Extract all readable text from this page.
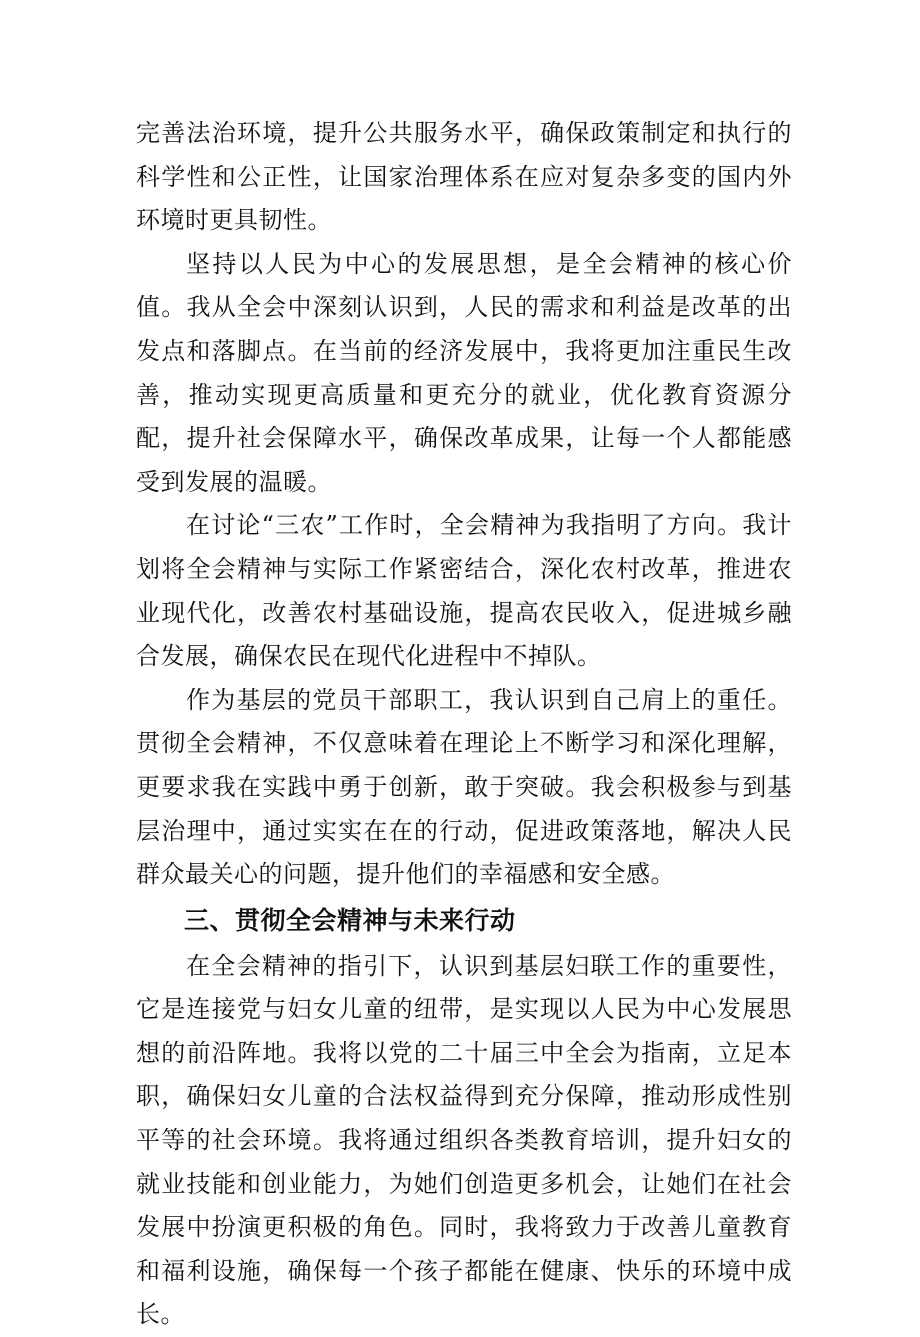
完善法治环境，提升公共服务水平，确保政策制定和执行的科学性和公正性，让国家治理体系在应对复杂多变的国内外环境时更具韧性。

坚持以人民为中心的发展思想，是全会精神的核心价值。我从全会中深刻认识到，人民的需求和利益是改革的出发点和落脚点。在当前的经济发展中，我将更加注重民生改善，推动实现更高质量和更充分的就业，优化教育资源分配，提升社会保障水平，确保改革成果，让每一个人都能感受到发展的温暖。

在讨论“三农”工作时，全会精神为我指明了方向。我计划将全会精神与实际工作紧密结合，深化农村改革，推进农业现代化，改善农村基础设施，提高农民收入，促进城乡融合发展，确保农民在现代化进程中不掉队。

作为基层的党员干部职工，我认识到自己肩上的重任。贯彻全会精神，不仅意味着在理论上不断学习和深化理解，更要求我在实践中勇于创新，敢于突破。我会积极参与到基层治理中，通过实实在在的行动，促进政策落地，解决人民群众最关心的问题，提升他们的幸福感和安全感。

三、贯彻全会精神与未来行动

在全会精神的指引下，认识到基层妇联工作的重要性，它是连接党与妇女儿童的纽带，是实现以人民为中心发展思想的前沿阵地。我将以党的二十届三中全会为指南，立足本职，确保妇女儿童的合法权益得到充分保障，推动形成性别平等的社会环境。我将通过组织各类教育培训，提升妇女的就业技能和创业能力，为她们创造更多机会，让她们在社会发展中扮演更积极的角色。同时，我将致力于改善儿童教育和福利设施，确保每一个孩子都能在健康、快乐的环境中成长。
